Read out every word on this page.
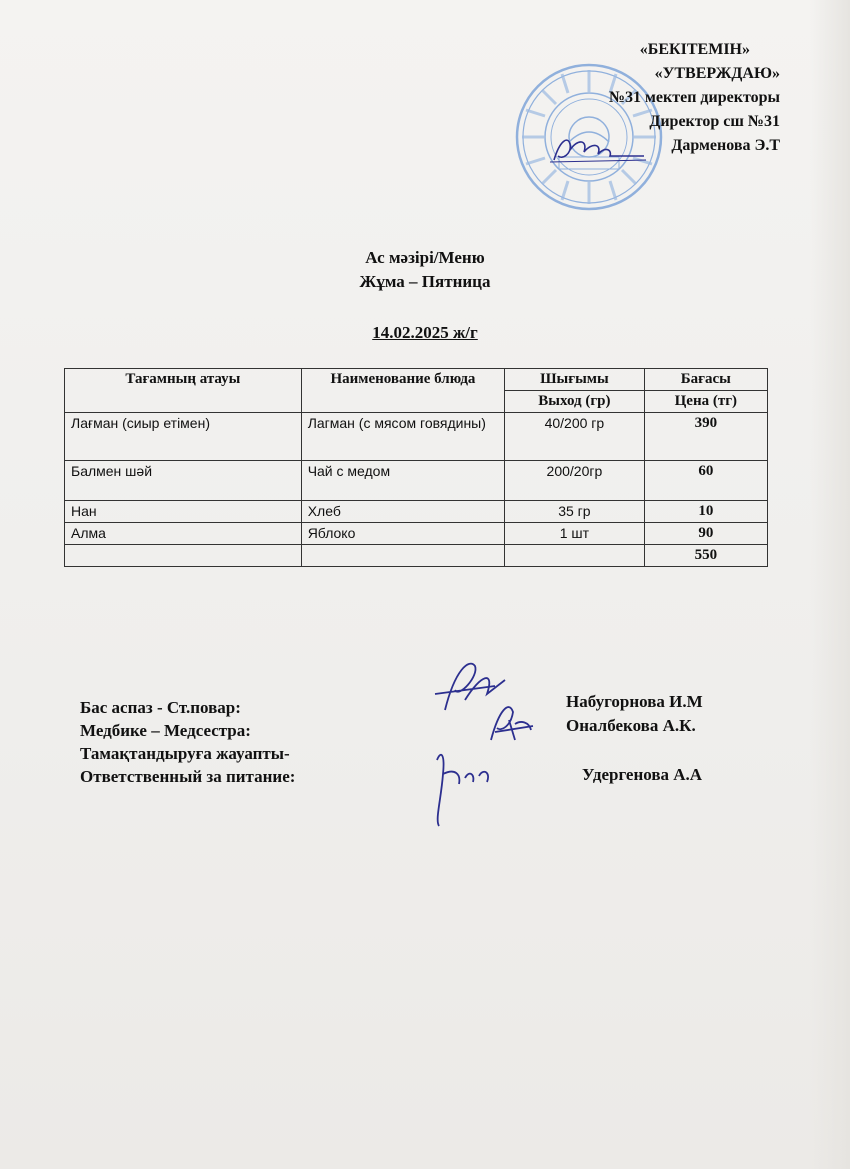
«БЕКІТЕМІН»
«УТВЕРЖДАЮ»
№31 мектеп директоры
Директор сш №31
Дарменова Э.Т
Ас мәзірі/Меню
Жұма – Пятница
14.02.2025 ж/г
Тағамның атауы	Наименование блюда	Шығымы	Бағасы
		Выход (гр)	Цена (тг)
Лағман (сиыр етімен)	Лагман (с мясом говядины)	40/200 гр	390
Балмен шәй	Чай с медом	200/20гр	60
Нан	Хлеб	35 гр	10
Алма	Яблоко	1 шт	90
			550
Бас аспаз - Ст.повар:
Медбике – Медсестра:
Тамақтандыруға жауапты-
Ответственный за питание:
Набугорнова И.М
Оналбекова А.К.
Удергенова А.А
